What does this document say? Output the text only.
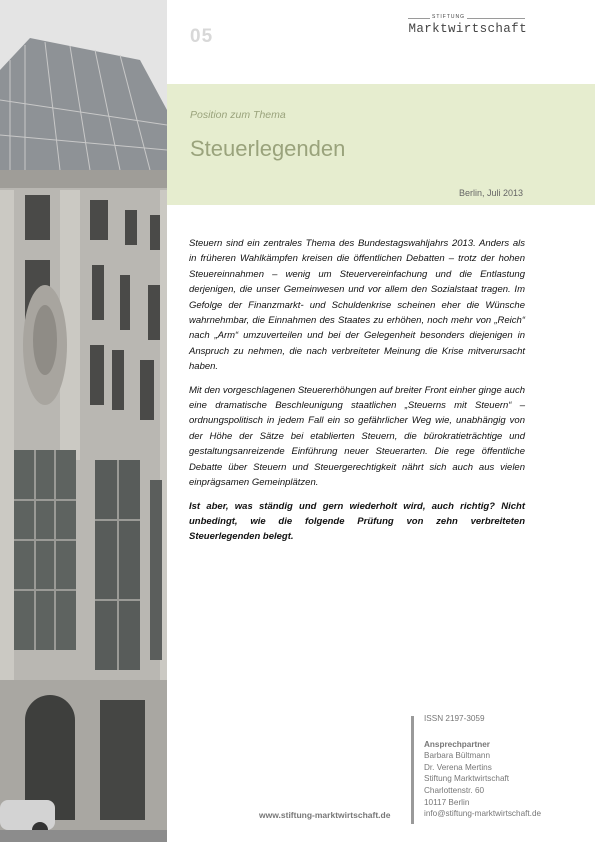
05
STIFTUNG
Marktwirtschaft
Position zum Thema
Steuerlegenden
Berlin, Juli 2013

Steuern sind ein zentrales Thema des Bundestagswahljahrs 2013. Anders als in früheren Wahlkämpfen kreisen die öffentlichen Debatten – trotz der hohen Steuereinnahmen – wenig um Steuervereinfachung und die Entlastung derjenigen, die unser Gemeinwesen und vor allem den Sozialstaat tragen. Im Gefolge der Finanzmarkt- und Schuldenkrise scheinen eher die Wünsche wahrnehmbar, die Einnahmen des Staates zu erhöhen, noch mehr von „Reich“ nach „Arm“ umzuverteilen und bei der Gelegenheit besonders diejenigen in Anspruch zu nehmen, die nach verbreiteter Meinung die Krise mitverursacht haben.

Mit den vorgeschlagenen Steuererhöhungen auf breiter Front einher ginge auch eine dramatische Beschleunigung staatlichen „Steuerns mit Steuern“ – ordnungspolitisch in jedem Fall ein so gefährlicher Weg wie, unabhängig von der Höhe der Sätze bei etablierten Steuern, die bürokratieträchtige und gestaltungsanreizende Einführung neuer Steuerarten. Die rege öffentliche Debatte über Steuern und Steuergerechtigkeit nährt sich auch aus vielen einprägsamen Gemeinplätzen.

Ist aber, was ständig und gern wiederholt wird, auch richtig? Nicht unbedingt, wie die folgende Prüfung von zehn verbreiteten Steuerlegenden belegt.

ISSN 2197-3059
Ansprechpartner
Barbara Bültmann
Dr. Verena Mertins
Stiftung Marktwirtschaft
Charlottenstr. 60
10117 Berlin
info@stiftung-marktwirtschaft.de
www.stiftung-marktwirtschaft.de
